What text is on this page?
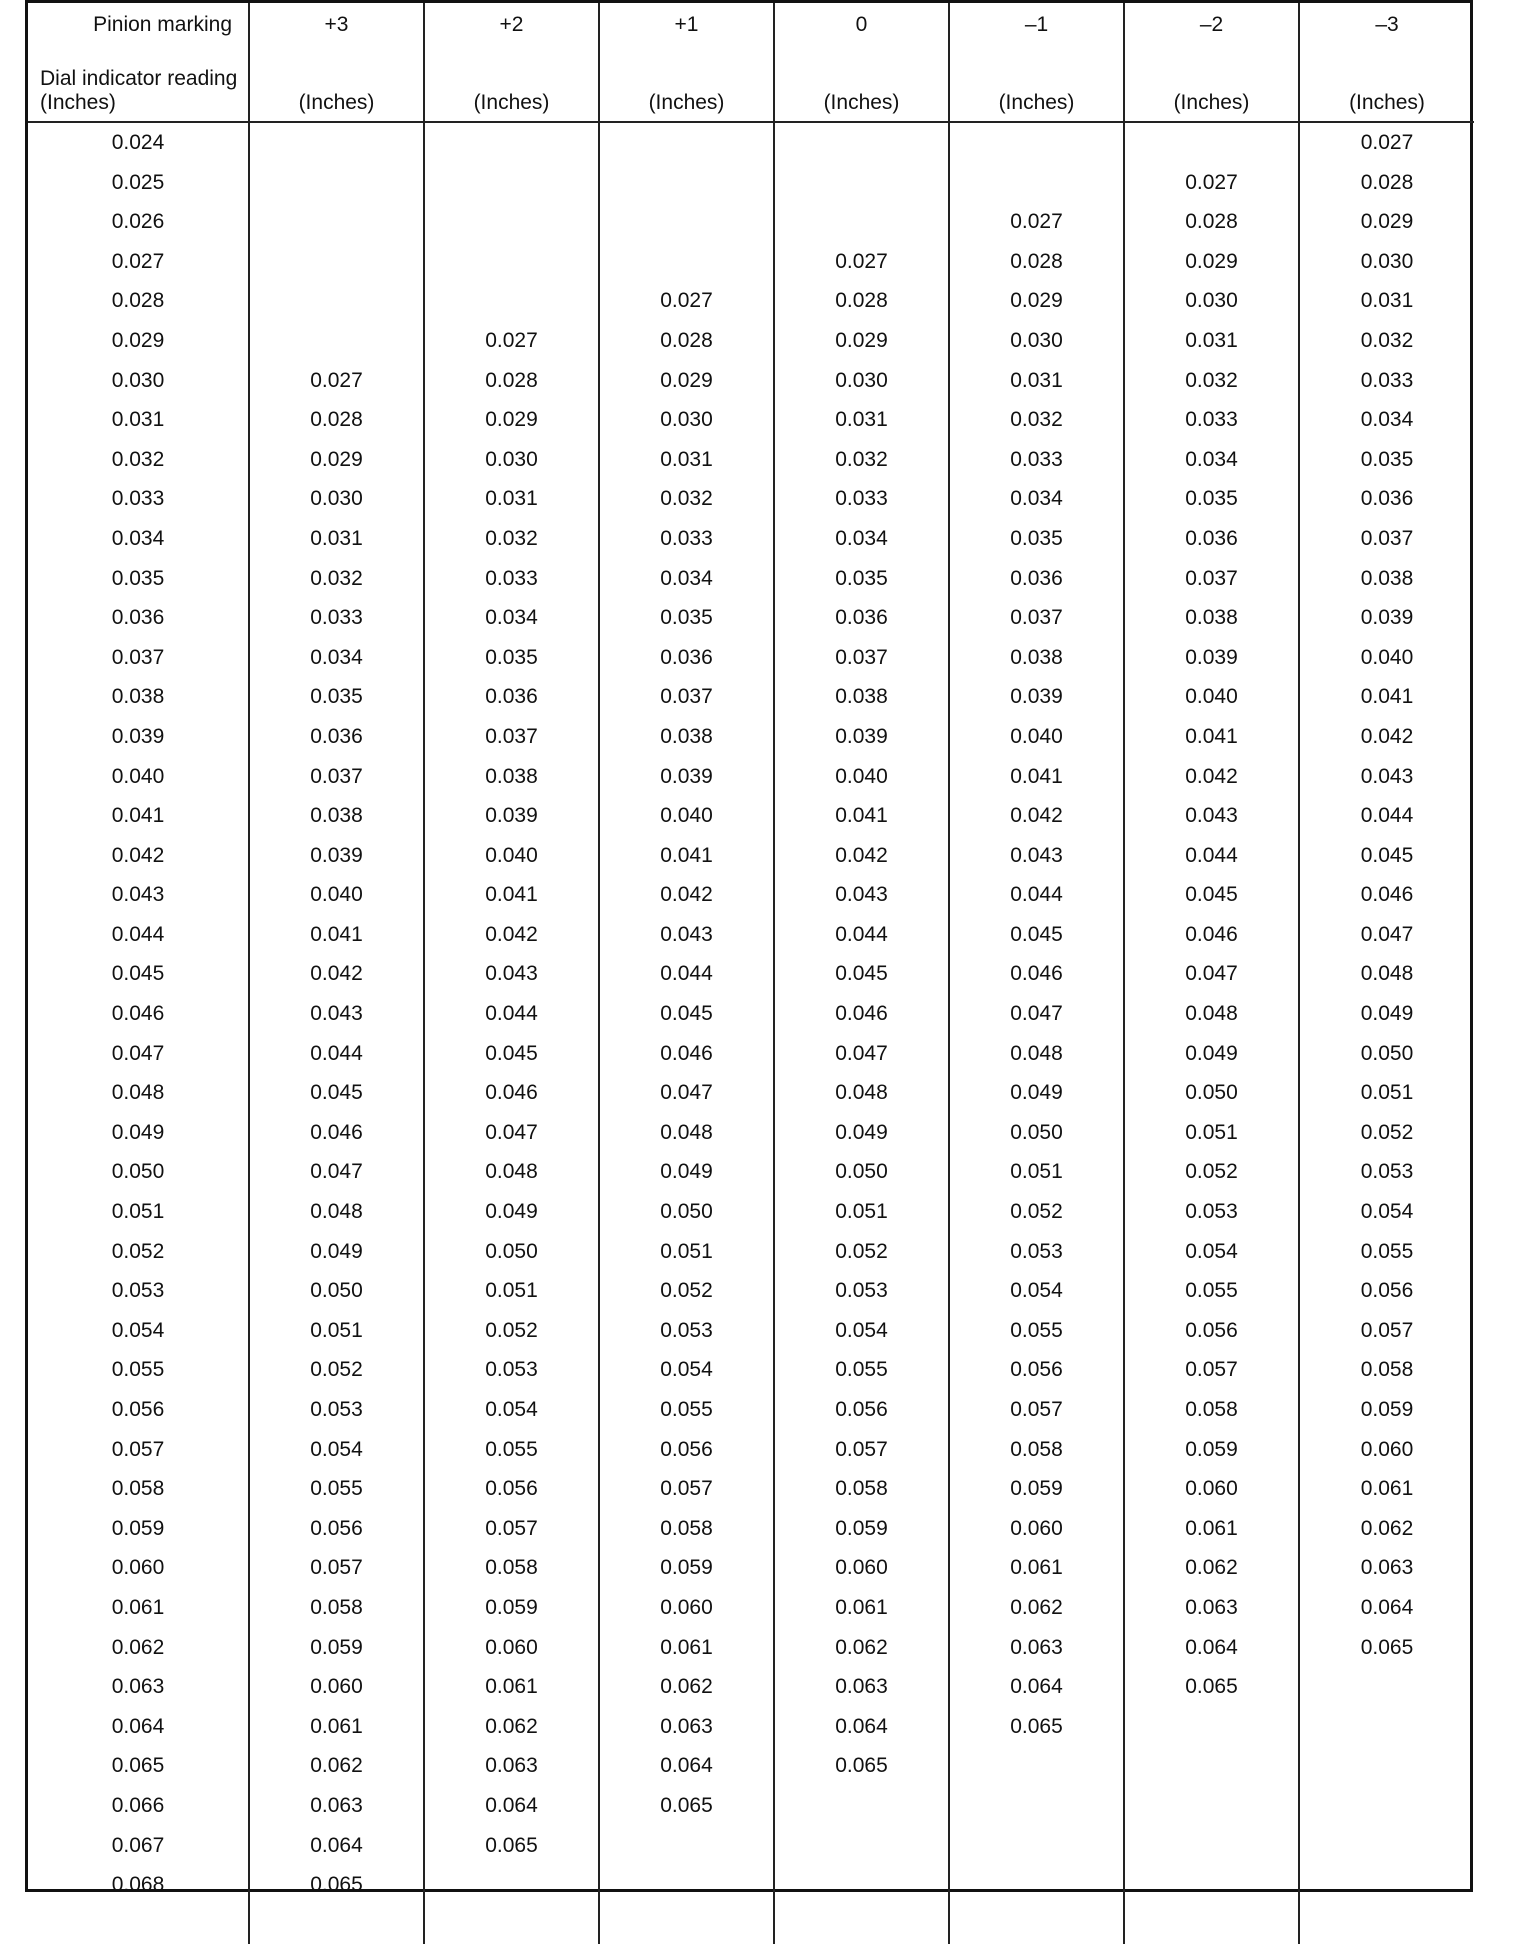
Pinion marking	+3	+2	+1	0	–1	–2	–3
Dial indicator reading (Inches)	(Inches)	(Inches)	(Inches)	(Inches)	(Inches)	(Inches)	(Inches)
0.024							0.027
0.025						0.027	0.028
0.026					0.027	0.028	0.029
0.027				0.027	0.028	0.029	0.030
0.028			0.027	0.028	0.029	0.030	0.031
0.029		0.027	0.028	0.029	0.030	0.031	0.032
0.030	0.027	0.028	0.029	0.030	0.031	0.032	0.033
0.031	0.028	0.029	0.030	0.031	0.032	0.033	0.034
0.032	0.029	0.030	0.031	0.032	0.033	0.034	0.035
0.033	0.030	0.031	0.032	0.033	0.034	0.035	0.036
0.034	0.031	0.032	0.033	0.034	0.035	0.036	0.037
0.035	0.032	0.033	0.034	0.035	0.036	0.037	0.038
0.036	0.033	0.034	0.035	0.036	0.037	0.038	0.039
0.037	0.034	0.035	0.036	0.037	0.038	0.039	0.040
0.038	0.035	0.036	0.037	0.038	0.039	0.040	0.041
0.039	0.036	0.037	0.038	0.039	0.040	0.041	0.042
0.040	0.037	0.038	0.039	0.040	0.041	0.042	0.043
0.041	0.038	0.039	0.040	0.041	0.042	0.043	0.044
0.042	0.039	0.040	0.041	0.042	0.043	0.044	0.045
0.043	0.040	0.041	0.042	0.043	0.044	0.045	0.046
0.044	0.041	0.042	0.043	0.044	0.045	0.046	0.047
0.045	0.042	0.043	0.044	0.045	0.046	0.047	0.048
0.046	0.043	0.044	0.045	0.046	0.047	0.048	0.049
0.047	0.044	0.045	0.046	0.047	0.048	0.049	0.050
0.048	0.045	0.046	0.047	0.048	0.049	0.050	0.051
0.049	0.046	0.047	0.048	0.049	0.050	0.051	0.052
0.050	0.047	0.048	0.049	0.050	0.051	0.052	0.053
0.051	0.048	0.049	0.050	0.051	0.052	0.053	0.054
0.052	0.049	0.050	0.051	0.052	0.053	0.054	0.055
0.053	0.050	0.051	0.052	0.053	0.054	0.055	0.056
0.054	0.051	0.052	0.053	0.054	0.055	0.056	0.057
0.055	0.052	0.053	0.054	0.055	0.056	0.057	0.058
0.056	0.053	0.054	0.055	0.056	0.057	0.058	0.059
0.057	0.054	0.055	0.056	0.057	0.058	0.059	0.060
0.058	0.055	0.056	0.057	0.058	0.059	0.060	0.061
0.059	0.056	0.057	0.058	0.059	0.060	0.061	0.062
0.060	0.057	0.058	0.059	0.060	0.061	0.062	0.063
0.061	0.058	0.059	0.060	0.061	0.062	0.063	0.064
0.062	0.059	0.060	0.061	0.062	0.063	0.064	0.065
0.063	0.060	0.061	0.062	0.063	0.064	0.065	
0.064	0.061	0.062	0.063	0.064	0.065		
0.065	0.062	0.063	0.064	0.065			
0.066	0.063	0.064	0.065				
0.067	0.064	0.065					
0.068	0.065						
